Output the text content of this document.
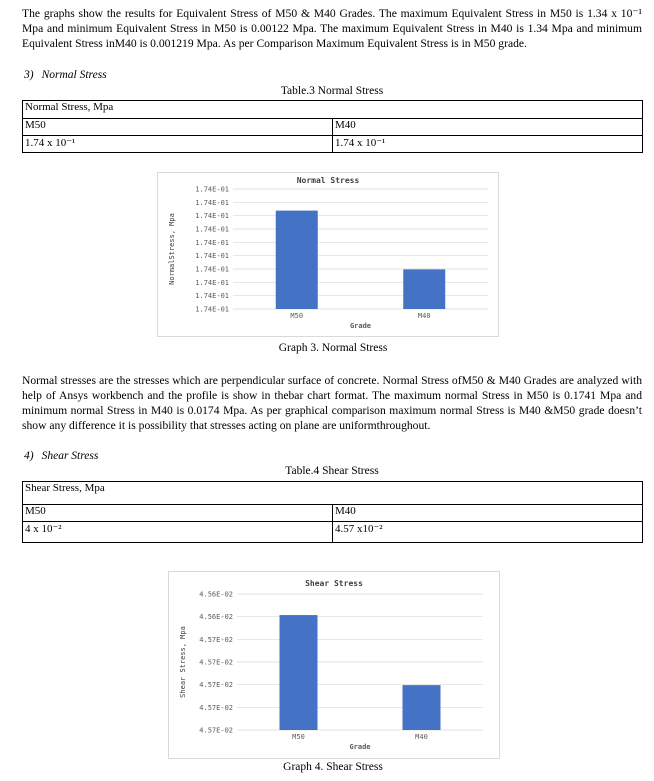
The graphs show the results for Equivalent Stress of M50 & M40 Grades. The maximum Equivalent Stress in M50 is 1.34 x 10⁻¹ Mpa and minimum Equivalent Stress in M50 is 0.00122 Mpa. The maximum Equivalent Stress in M40 is 1.34 Mpa and minimum Equivalent Stress inM40 is 0.001219 Mpa. As per Comparison Maximum Equivalent Stress is in M50 grade.

3) Normal Stress

Table.3 Normal Stress

Normal Stress, Mpa	
M50	M40
1.74 x 10⁻¹	1.74 x 10⁻¹
Normal Stress
1.74E-01
1.74E-01
1.74E-01
1.74E-01
1.74E-01
1.74E-01
1.74E-01
1.74E-01
1.74E-01
1.74E-01
M50	M40
Grade
NormalStress, Mpa

Graph 3. Normal Stress

Normal stresses are the stresses which are perpendicular surface of concrete. Normal Stress ofM50 & M40 Grades are analyzed with help of Ansys workbench and the profile is show in thebar chart format. The maximum normal Stress in M50 is 0.1741 Mpa and minimum normal Stress in M40 is 0.0174 Mpa. As per graphical comparison maximum normal Stress is M40 &M50 grade doesn’t show any difference it is possibility that stresses acting on plane are uniformthroughout.

4) Shear Stress

Table.4 Shear Stress

Shear Stress, Mpa	
M50	M40
4 x 10⁻²	4.57 x10⁻²
Shear Stress
4.57E-02
4.57E-02
4.57E-02
4.57E-02
4.57E-02
4.56E-02
4.56E-02
M50	M40
Grade
Shear Stress, Mpa

Graph 4. Shear Stress
